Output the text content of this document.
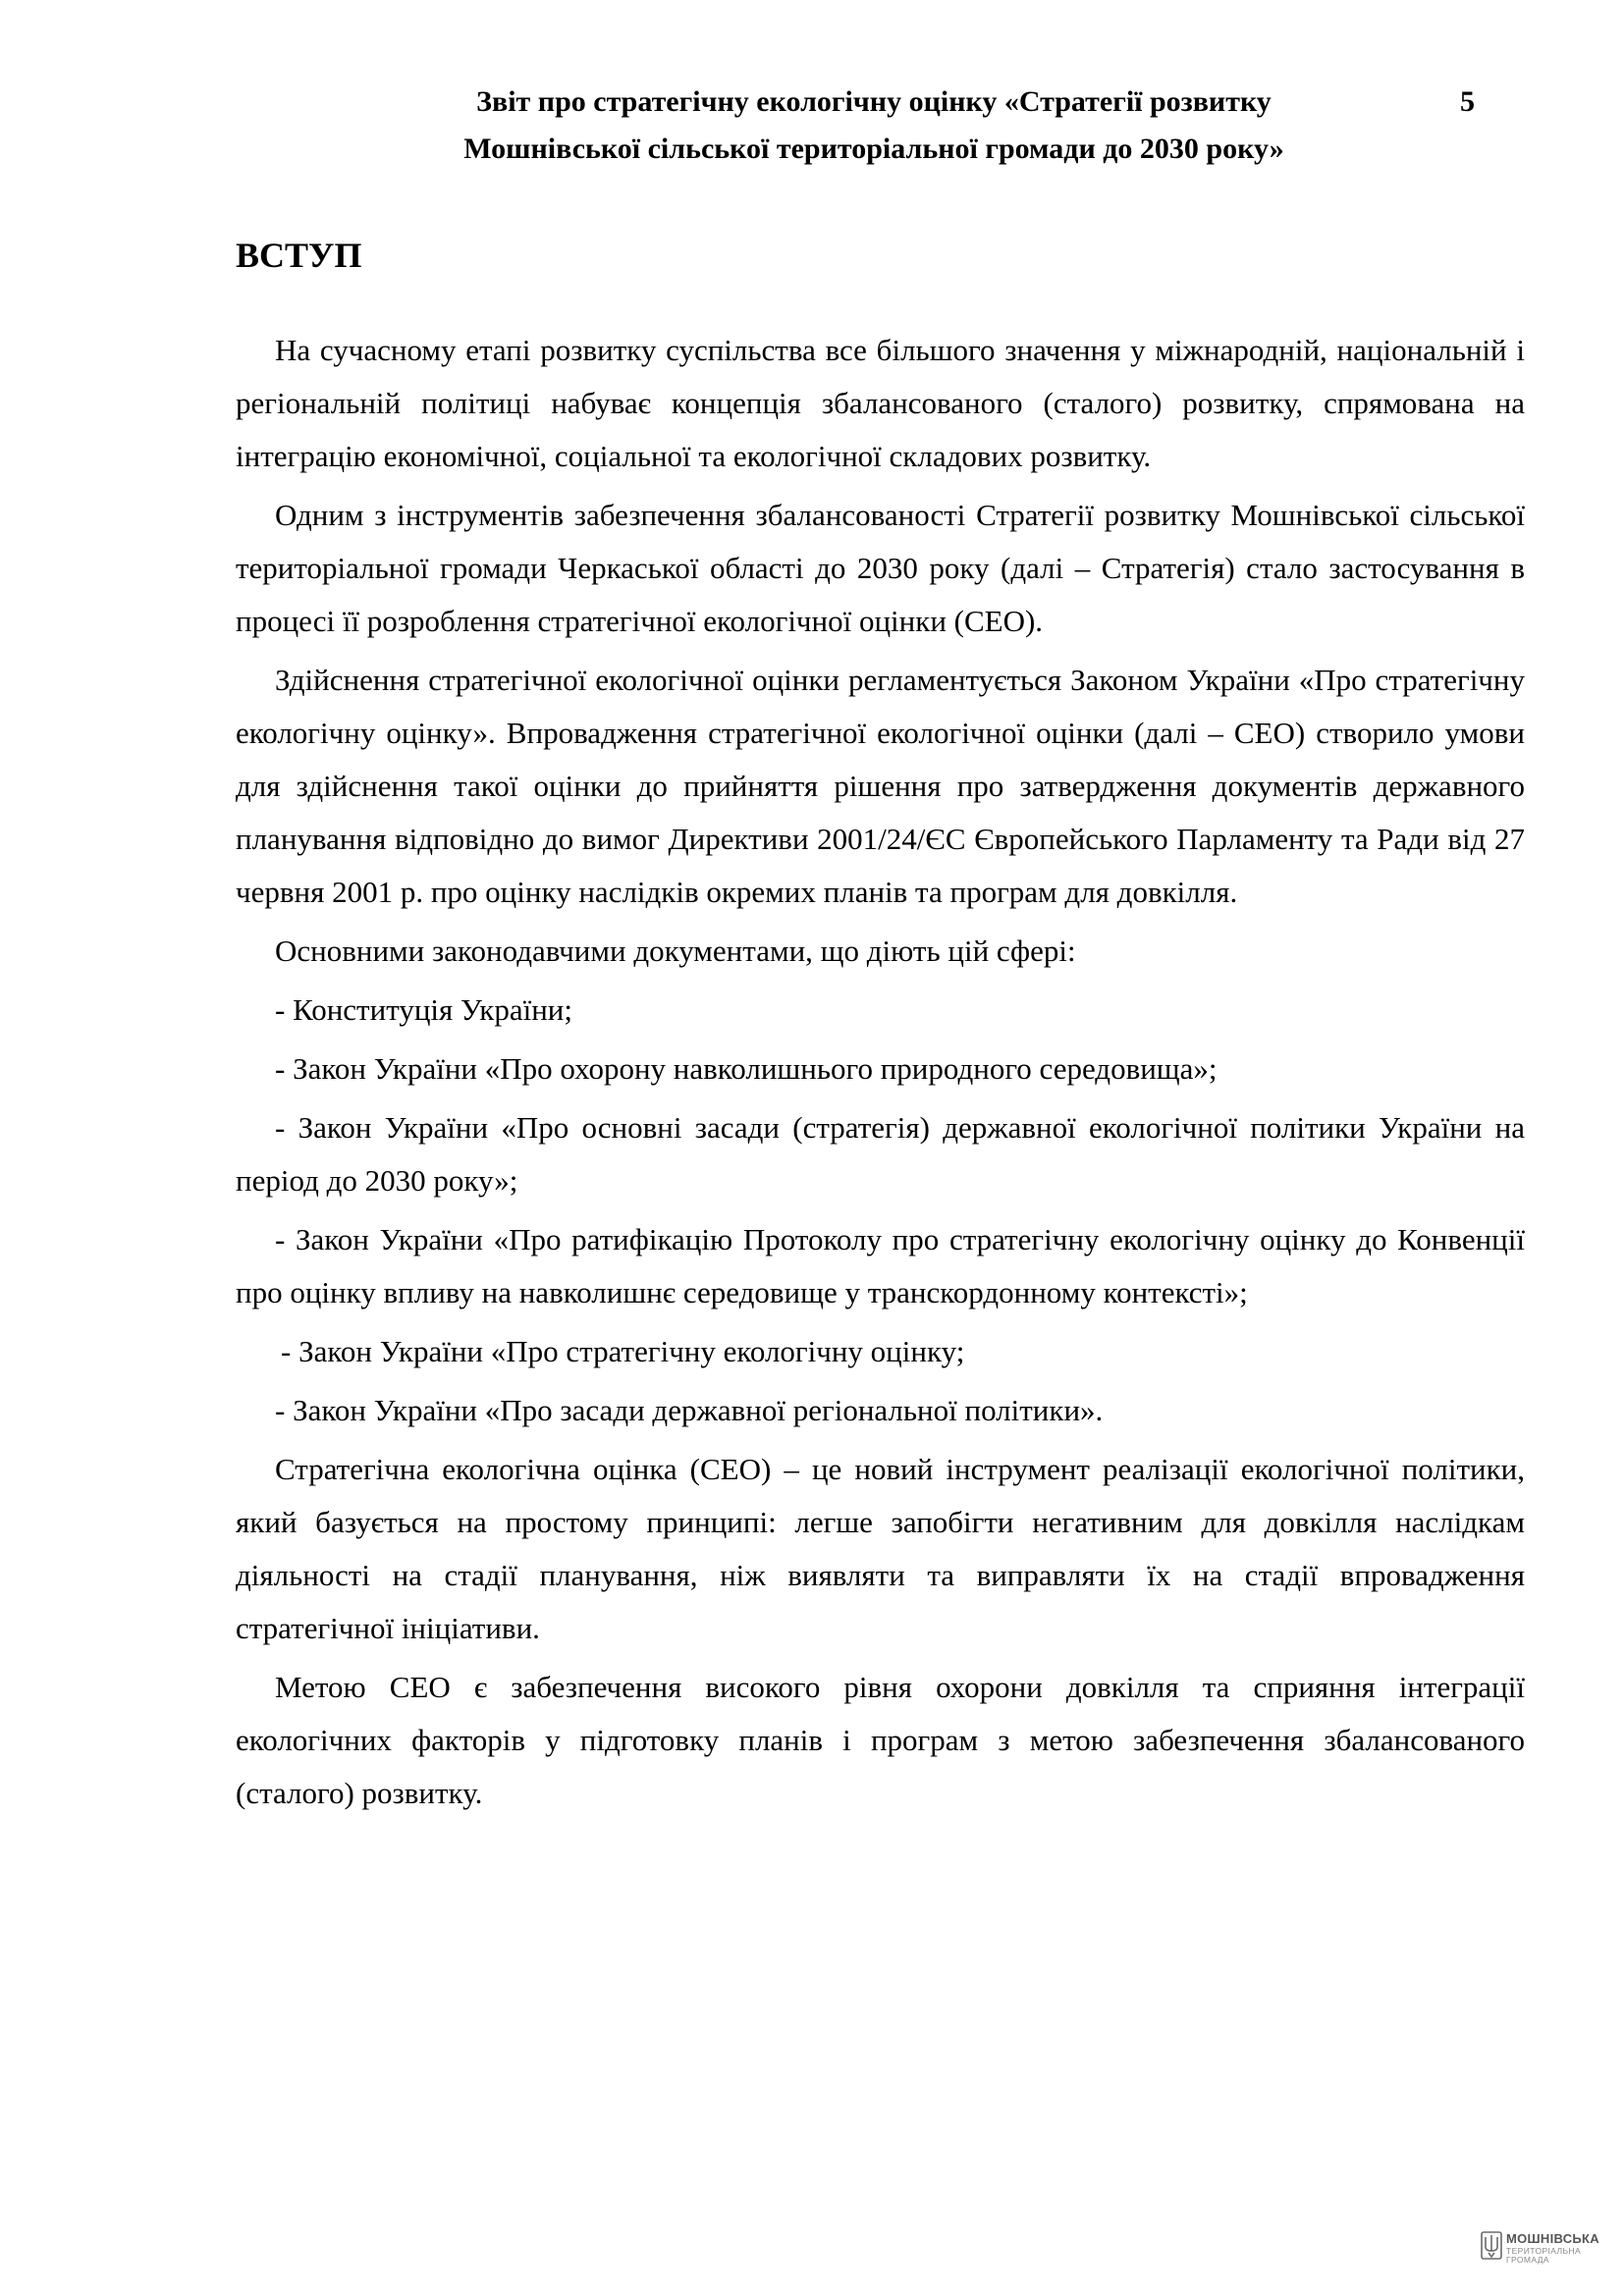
Звіт про стратегічну екологічну оцінку «Стратегії розвитку
Мошнівської сільської територіальної громади до 2030 року»
5
ВСТУП

На сучасному етапі розвитку суспільства все більшого значення у міжнародній, національній і регіональній політиці набуває концепція збалансованого (сталого) розвитку, спрямована на інтеграцію економічної, соціальної та екологічної складових розвитку.

Одним з інструментів забезпечення збалансованості Стратегії розвитку Мошнівської сільської територіальної громади Черкаської області до 2030 року (далі – Стратегія) стало застосування в процесі її розроблення стратегічної екологічної оцінки (СЕО).

Здійснення стратегічної екологічної оцінки регламентується Законом України «Про стратегічну екологічну оцінку». Впровадження стратегічної екологічної оцінки (далі – СЕО) створило умови для здійснення такої оцінки до прийняття рішення про затвердження документів державного планування відповідно до вимог Директиви 2001/24/ЄС Європейського Парламенту та Ради від 27 червня 2001 р. про оцінку наслідків окремих планів та програм для довкілля.

Основними законодавчими документами, що діють цій сфері:

- Конституція України;

- Закон України «Про охорону навколишнього природного середовища»;

- Закон України «Про основні засади (стратегія) державної екологічної політики України на період до 2030 року»;

- Закон України «Про ратифікацію Протоколу про стратегічну екологічну оцінку до Конвенції про оцінку впливу на навколишнє середовище у транскордонному контексті»;

- Закон України «Про стратегічну екологічну оцінку;

- Закон України «Про засади державної регіональної політики».

Стратегічна екологічна оцінка (СЕО) – це новий інструмент реалізації екологічної політики, який базується на простому принципі: легше запобігти негативним для довкілля наслідкам діяльності на стадії планування, ніж виявляти та виправляти їх на стадії впровадження стратегічної ініціативи.

Метою СЕО є забезпечення високого рівня охорони довкілля та сприяння інтеграції екологічних факторів у підготовку планів і програм з метою забезпечення збалансованого (сталого) розвитку.

МОШНІВСЬКА
ТЕРИТОРІАЛЬНА
ГРОМАДА
